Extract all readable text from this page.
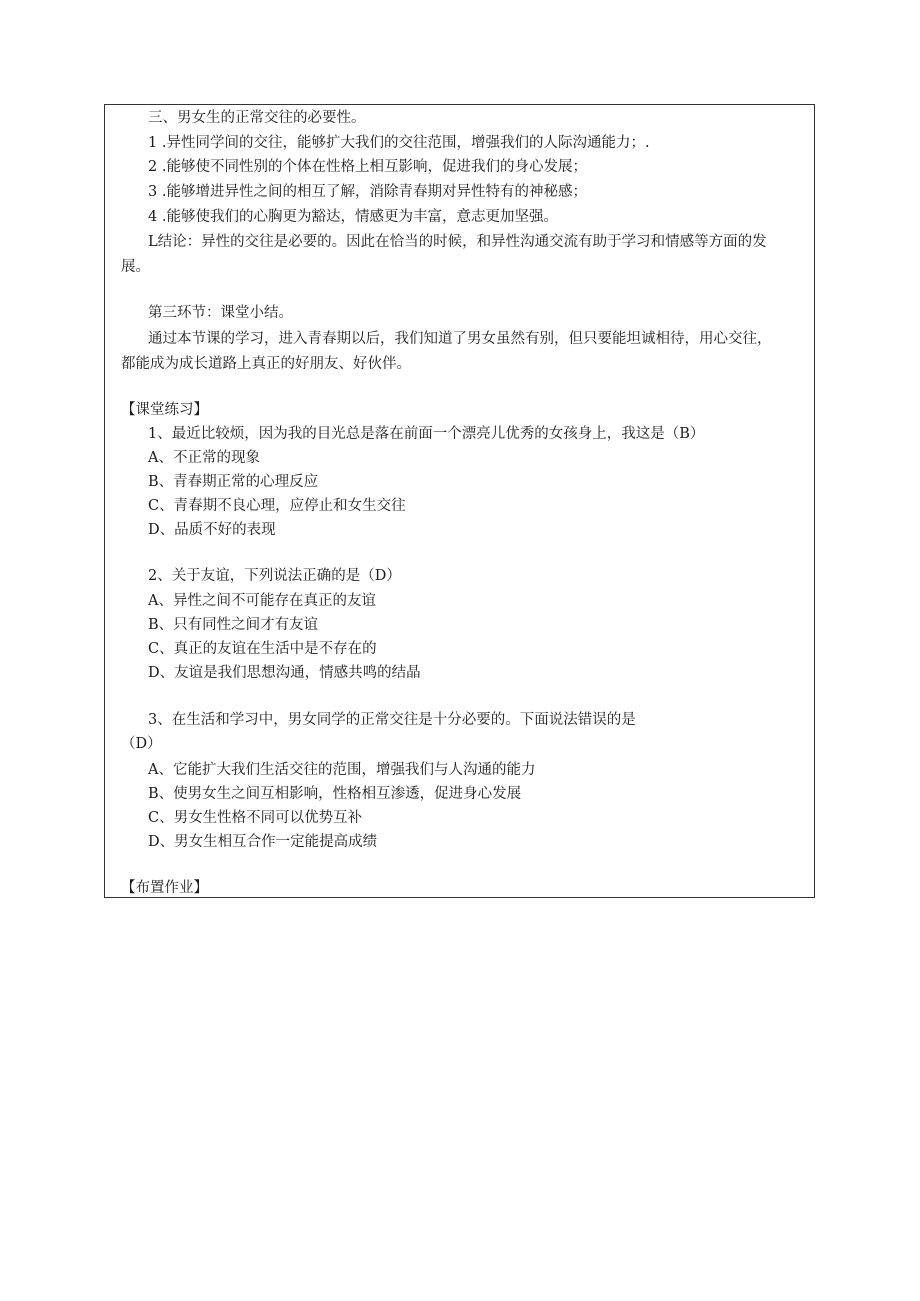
三、男女生的正常交往的必要性。

1 .异性同学间的交往，能够扩大我们的交往范围，增强我们的人际沟通能力；.

2 .能够使不同性别的个体在性格上相互影响，促进我们的身心发展；

3 .能够增进异性之间的相互了解，消除青春期对异性特有的神秘感；

4 .能够使我们的心胸更为豁达，情感更为丰富，意志更加坚强。

L结论：异性的交往是必要的。因此在恰当的时候，和异性沟通交流有助于学习和情感等方面的发

展。

第三环节：课堂小结。

通过本节课的学习，进入青春期以后，我们知道了男女虽然有别，但只要能坦诚相待，用心交往，

都能成为成长道路上真正的好朋友、好伙伴。

【课堂练习】

1、最近比较烦，因为我的目光总是落在前面一个漂亮儿优秀的女孩身上，我这是（B）

A、不正常的现象

B、青春期正常的心理反应

C、青春期不良心理，应停止和女生交往

D、品质不好的表现

2、关于友谊，下列说法正确的是（D）

A、异性之间不可能存在真正的友谊

B、只有同性之间才有友谊

C、真正的友谊在生活中是不存在的

D、友谊是我们思想沟通，情感共鸣的结晶

3、在生活和学习中，男女同学的正常交往是十分必要的。下面说法错误的是

（D）

A、它能扩大我们生活交往的范围，增强我们与人沟通的能力

B、使男女生之间互相影响，性格相互渗透，促进身心发展

C、男女生性格不同可以优势互补

D、男女生相互合作一定能提高成绩

【布置作业】
